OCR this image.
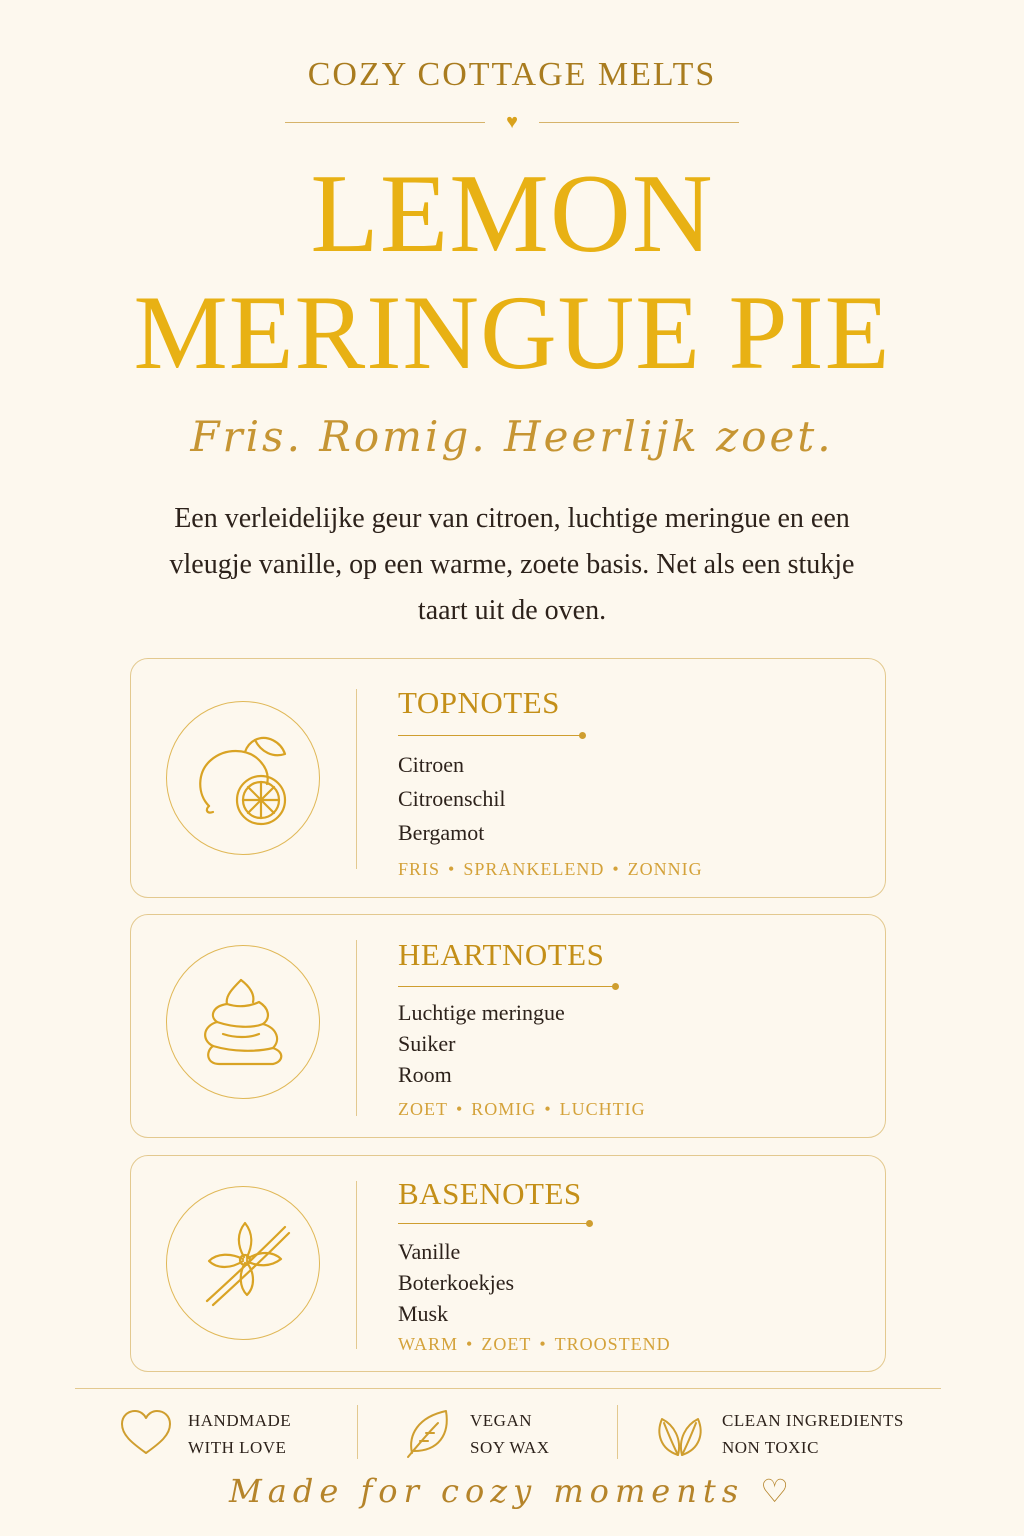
COZY COTTAGE MELTS
♥
LEMON
MERINGUE PIE
Fris. Romig. Heerlijk zoet.
Een verleidelijke geur van citroen, luchtige meringue en een vleugje vanille, op een warme, zoete basis. Net als een stukje taart uit de oven.
TOPNOTES
Citroen
Citroenschil
Bergamot
FRIS • SPRANKELEND • ZONNIG
HEARTNOTES
Luchtige meringue
Suiker
Room
ZOET • ROMIG • LUCHTIG
BASENOTES
Vanille
Boterkoekjes
Musk
WARM • ZOET • TROOSTEND
HANDMADE
WITH LOVE
VEGAN
SOY WAX
CLEAN INGREDIENTS
NON TOXIC
Made for cozy moments ♡
